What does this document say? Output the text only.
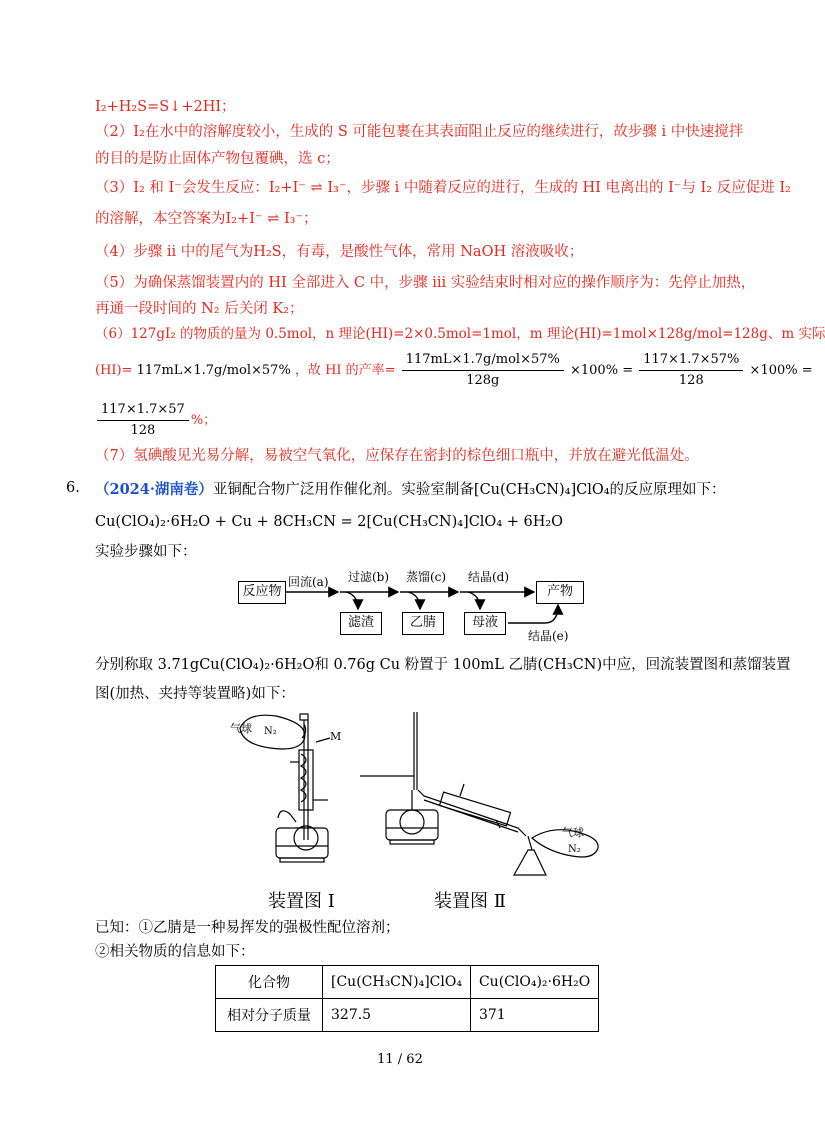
I₂+H₂S=S↓+2HI；
（2）I₂在水中的溶解度较小，生成的 S 可能包裹在其表面阻止反应的继续进行，故步骤 i 中快速搅拌
的目的是防止固体产物包覆碘，选 c；
（3）I₂ 和 I⁻会发生反应：I₂+I⁻ ⇌ I₃⁻，步骤 i 中随着反应的进行，生成的 HI 电离出的 I⁻与 I₂ 反应促进 I₂
的溶解，本空答案为I₂+I⁻ ⇌ I₃⁻；
（4）步骤 ii 中的尾气为H₂S，有毒，是酸性气体，常用 NaOH 溶液吸收；
（5）为确保蒸馏装置内的 HI 全部进入 C 中，步骤 iii 实验结束时相对应的操作顺序为：先停止加热，
再通一段时间的 N₂ 后关闭 K₂；
（6）127gI₂ 的物质的量为 0.5mol，n 理论(HI)=2×0.5mol=1mol，m 理论(HI)=1mol×128g/mol=128g、m 实际
(HI)= 117mL×1.7g/mol×57% ，故 HI 的产率= $\frac{\text{117mL×1.7g/mol×57\%}}{128g} \times 100\% = \frac{117\times 1.7\times 57\%}{128} \times 100\%$ =
$\frac{117\times 1.7\times 57}{128}$ %；
（7）氢碘酸见光易分解，易被空气氧化，应保存在密封的棕色细口瓶中，并放在避光低温处。
6. （2024·湖南卷）亚铜配合物广泛用作催化剂。实验室制备[Cu(CH₃CN)₄]ClO₄的反应原理如下：
Cu(ClO₄)₂·6H₂O + Cu + 8CH₃CN = 2[Cu(CH₃CN)₄]ClO₄ + 6H₂O
实验步骤如下：
反应物
回流(a) 过滤(b) 蒸馏(c) 结晶(d)
产物
滤渣	乙腈	母液
结晶(e)
分别称取 3.71gCu(ClO₄)₂·6H₂O和 0.76g Cu 粉置于 100mL 乙腈(CH₃CN)中应，回流装置图和蒸馏装置
图(加热、夹持等装置略)如下：
气球 N₂	M
气球
N₂
装置图 Ⅰ	装置图 Ⅱ
已知：①乙腈是一种易挥发的强极性配位溶剂；
②相关物质的信息如下：
化合物	[Cu(CH₃CN)₄]ClO₄	Cu(ClO₄)₂·6H₂O
相对分子质量	327.5	371
11 / 62
